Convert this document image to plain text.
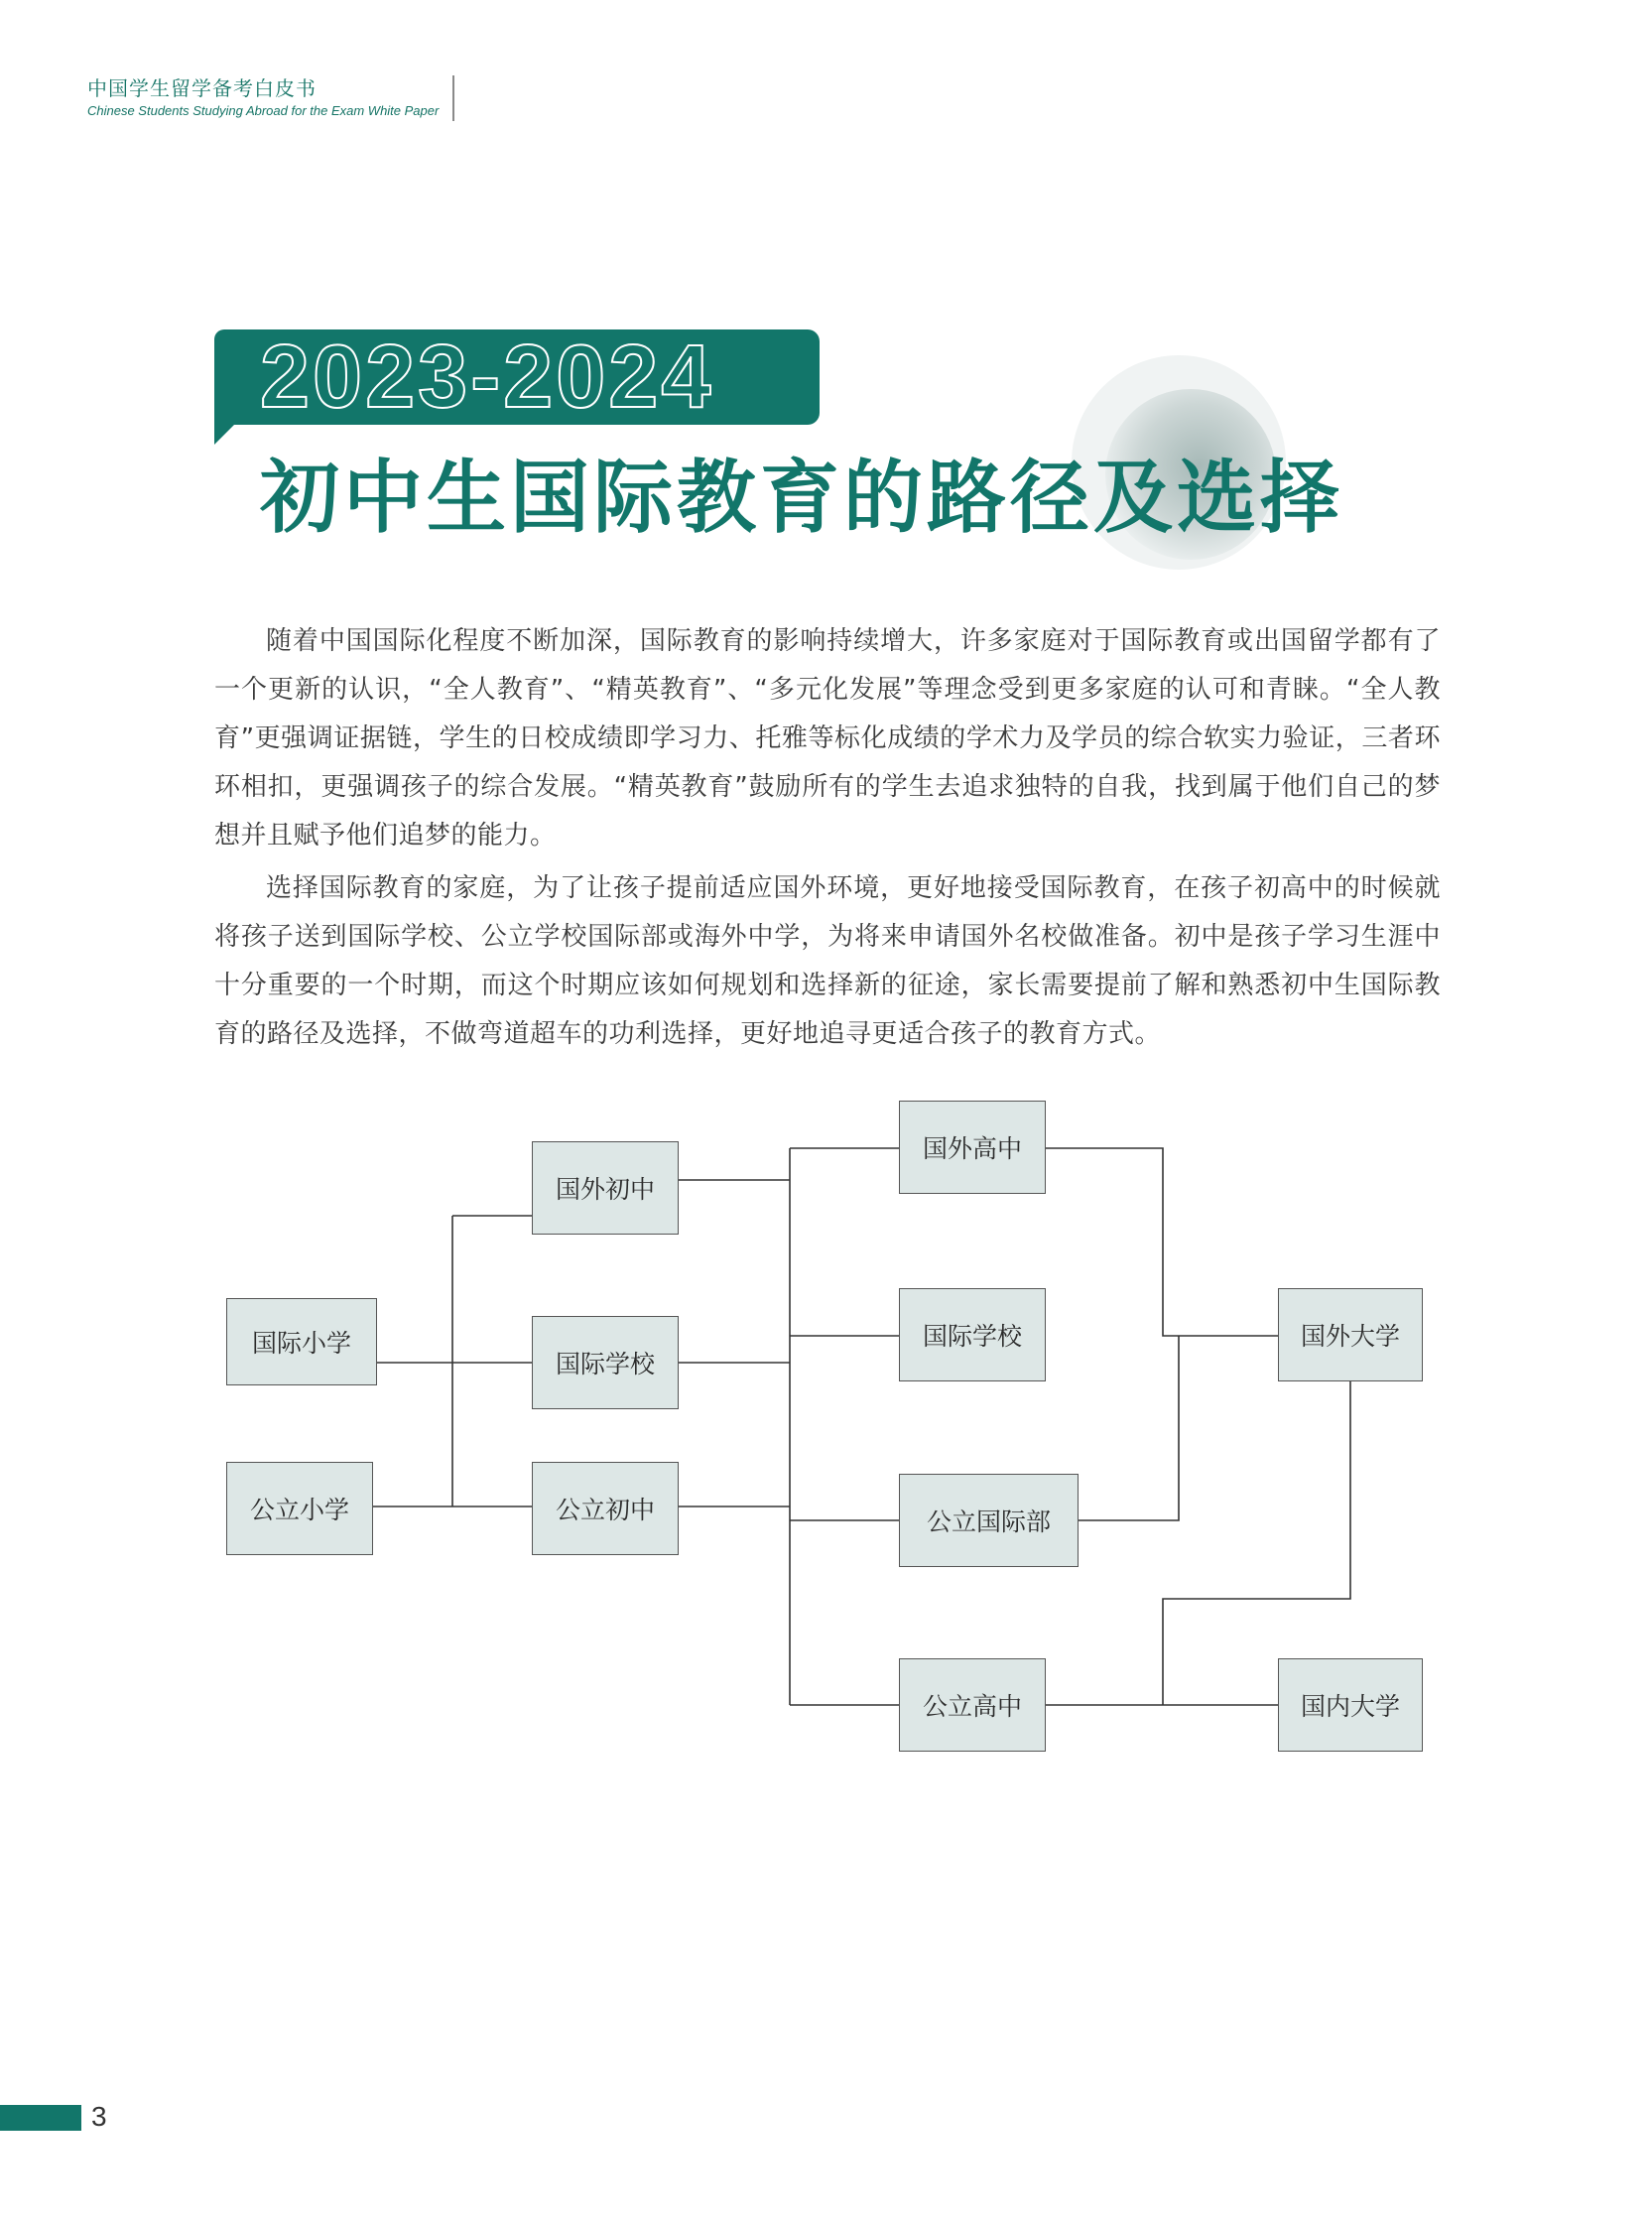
中国学生留学备考白皮书
Chinese Students Studying Abroad for the Exam White Paper
2023-2024
初中生国际教育的路径及选择

随着中国国际化程度不断加深，国际教育的影响持续增大，许多家庭对于国际教育或出国留学都有了一个更新的认识，“全人教育”、“精英教育”、“多元化发展”等理念受到更多家庭的认可和青睐。“全人教育”更强调证据链，学生的日校成绩即学习力、托雅等标化成绩的学术力及学员的综合软实力验证，三者环环相扣，更强调孩子的综合发展。“精英教育”鼓励所有的学生去追求独特的自我，找到属于他们自己的梦想并且赋予他们追梦的能力。

选择国际教育的家庭，为了让孩子提前适应国外环境，更好地接受国际教育，在孩子初高中的时候就将孩子送到国际学校、公立学校国际部或海外中学，为将来申请国外名校做准备。初中是孩子学习生涯中十分重要的一个时期，而这个时期应该如何规划和选择新的征途，家长需要提前了解和熟悉初中生国际教育的路径及选择，不做弯道超车的功利选择，更好地追寻更适合孩子的教育方式。

国际小学
公立小学
国外初中
国际学校
公立初中
国外高中
国际学校
公立国际部
公立高中
国外大学
国内大学
3
